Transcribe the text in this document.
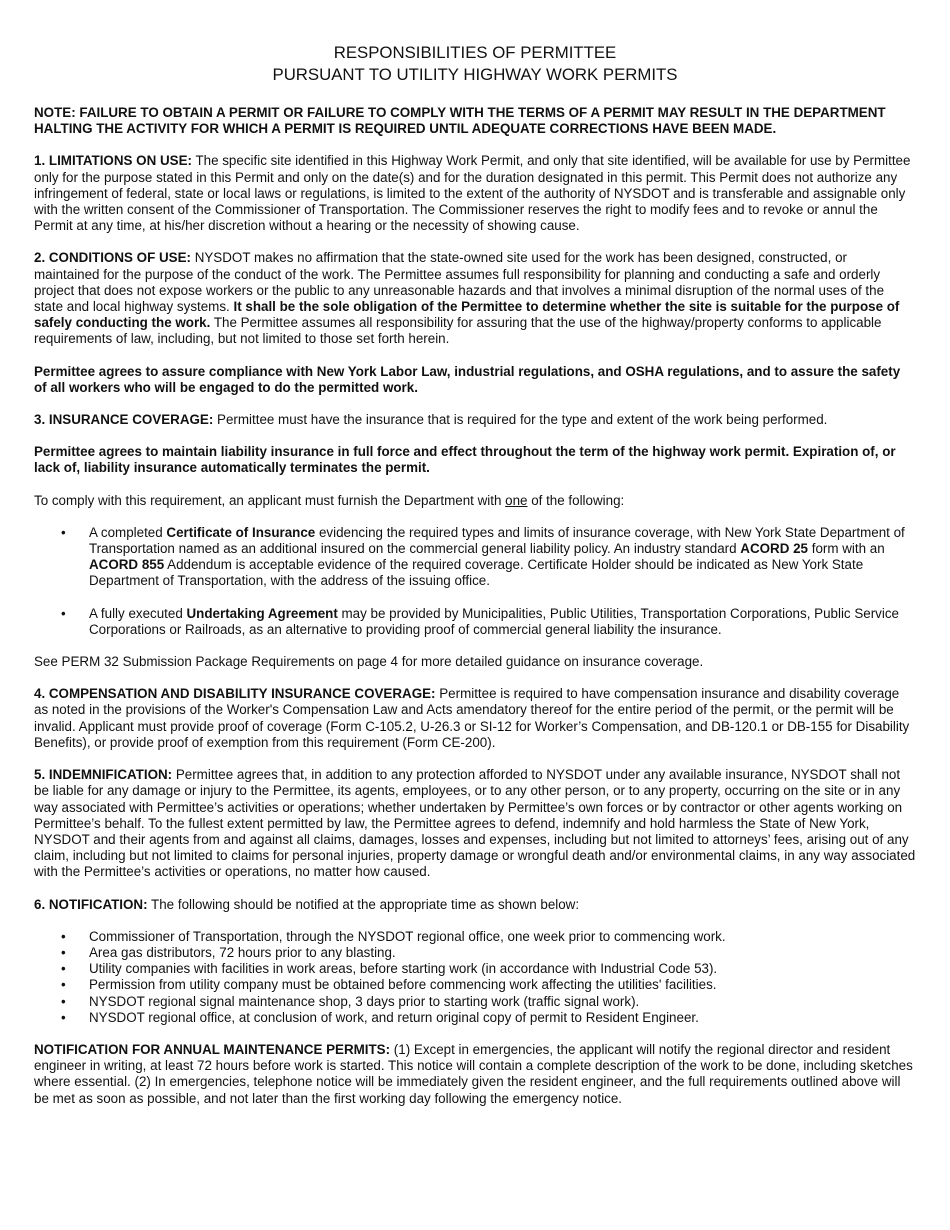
RESPONSIBILITIES OF PERMITTEE
PURSUANT TO UTILITY HIGHWAY WORK PERMITS

NOTE: FAILURE TO OBTAIN A PERMIT OR FAILURE TO COMPLY WITH THE TERMS OF A PERMIT MAY RESULT IN THE DEPARTMENT HALTING THE ACTIVITY FOR WHICH A PERMIT IS REQUIRED UNTIL ADEQUATE CORRECTIONS HAVE BEEN MADE.

1. LIMITATIONS ON USE: The specific site identified in this Highway Work Permit, and only that site identified, will be available for use by Permittee only for the purpose stated in this Permit and only on the date(s) and for the duration designated in this permit. This Permit does not authorize any infringement of federal, state or local laws or regulations, is limited to the extent of the authority of NYSDOT and is transferable and assignable only with the written consent of the Commissioner of Transportation. The Commissioner reserves the right to modify fees and to revoke or annul the Permit at any time, at his/her discretion without a hearing or the necessity of showing cause.

2. CONDITIONS OF USE: NYSDOT makes no affirmation that the state-owned site used for the work has been designed, constructed, or maintained for the purpose of the conduct of the work. The Permittee assumes full responsibility for planning and conducting a safe and orderly project that does not expose workers or the public to any unreasonable hazards and that involves a minimal disruption of the normal uses of the state and local highway systems. It shall be the sole obligation of the Permittee to determine whether the site is suitable for the purpose of safely conducting the work. The Permittee assumes all responsibility for assuring that the use of the highway/property conforms to applicable requirements of law, including, but not limited to those set forth herein.

Permittee agrees to assure compliance with New York Labor Law, industrial regulations, and OSHA regulations, and to assure the safety of all workers who will be engaged to do the permitted work.

3. INSURANCE COVERAGE: Permittee must have the insurance that is required for the type and extent of the work being performed.

Permittee agrees to maintain liability insurance in full force and effect throughout the term of the highway work permit. Expiration of, or lack of, liability insurance automatically terminates the permit.

To comply with this requirement, an applicant must furnish the Department with one of the following:

• A completed Certificate of Insurance evidencing the required types and limits of insurance coverage, with New York State Department of Transportation named as an additional insured on the commercial general liability policy. An industry standard ACORD 25 form with an ACORD 855 Addendum is acceptable evidence of the required coverage. Certificate Holder should be indicated as New York State Department of Transportation, with the address of the issuing office.
• A fully executed Undertaking Agreement may be provided by Municipalities, Public Utilities, Transportation Corporations, Public Service Corporations or Railroads, as an alternative to providing proof of commercial general liability the insurance.

See PERM 32 Submission Package Requirements on page 4 for more detailed guidance on insurance coverage.

4. COMPENSATION AND DISABILITY INSURANCE COVERAGE: Permittee is required to have compensation insurance and disability coverage as noted in the provisions of the Worker's Compensation Law and Acts amendatory thereof for the entire period of the permit, or the permit will be invalid. Applicant must provide proof of coverage (Form C-105.2, U-26.3 or SI-12 for Worker’s Compensation, and DB-120.1 or DB-155 for Disability Benefits), or provide proof of exemption from this requirement (Form CE-200).

5. INDEMNIFICATION: Permittee agrees that, in addition to any protection afforded to NYSDOT under any available insurance, NYSDOT shall not be liable for any damage or injury to the Permittee, its agents, employees, or to any other person, or to any property, occurring on the site or in any way associated with Permittee’s activities or operations; whether undertaken by Permittee’s own forces or by contractor or other agents working on Permittee’s behalf. To the fullest extent permitted by law, the Permittee agrees to defend, indemnify and hold harmless the State of New York, NYSDOT and their agents from and against all claims, damages, losses and expenses, including but not limited to attorneys’ fees, arising out of any claim, including but not limited to claims for personal injuries, property damage or wrongful death and/or environmental claims, in any way associated with the Permittee’s activities or operations, no matter how caused.

6. NOTIFICATION: The following should be notified at the appropriate time as shown below:

• Commissioner of Transportation, through the NYSDOT regional office, one week prior to commencing work.
• Area gas distributors, 72 hours prior to any blasting.
• Utility companies with facilities in work areas, before starting work (in accordance with Industrial Code 53).
• Permission from utility company must be obtained before commencing work affecting the utilities' facilities.
• NYSDOT regional signal maintenance shop, 3 days prior to starting work (traffic signal work).
• NYSDOT regional office, at conclusion of work, and return original copy of permit to Resident Engineer.

NOTIFICATION FOR ANNUAL MAINTENANCE PERMITS: (1) Except in emergencies, the applicant will notify the regional director and resident engineer in writing, at least 72 hours before work is started. This notice will contain a complete description of the work to be done, including sketches where essential. (2) In emergencies, telephone notice will be immediately given the resident engineer, and the full requirements outlined above will be met as soon as possible, and not later than the first working day following the emergency notice.
